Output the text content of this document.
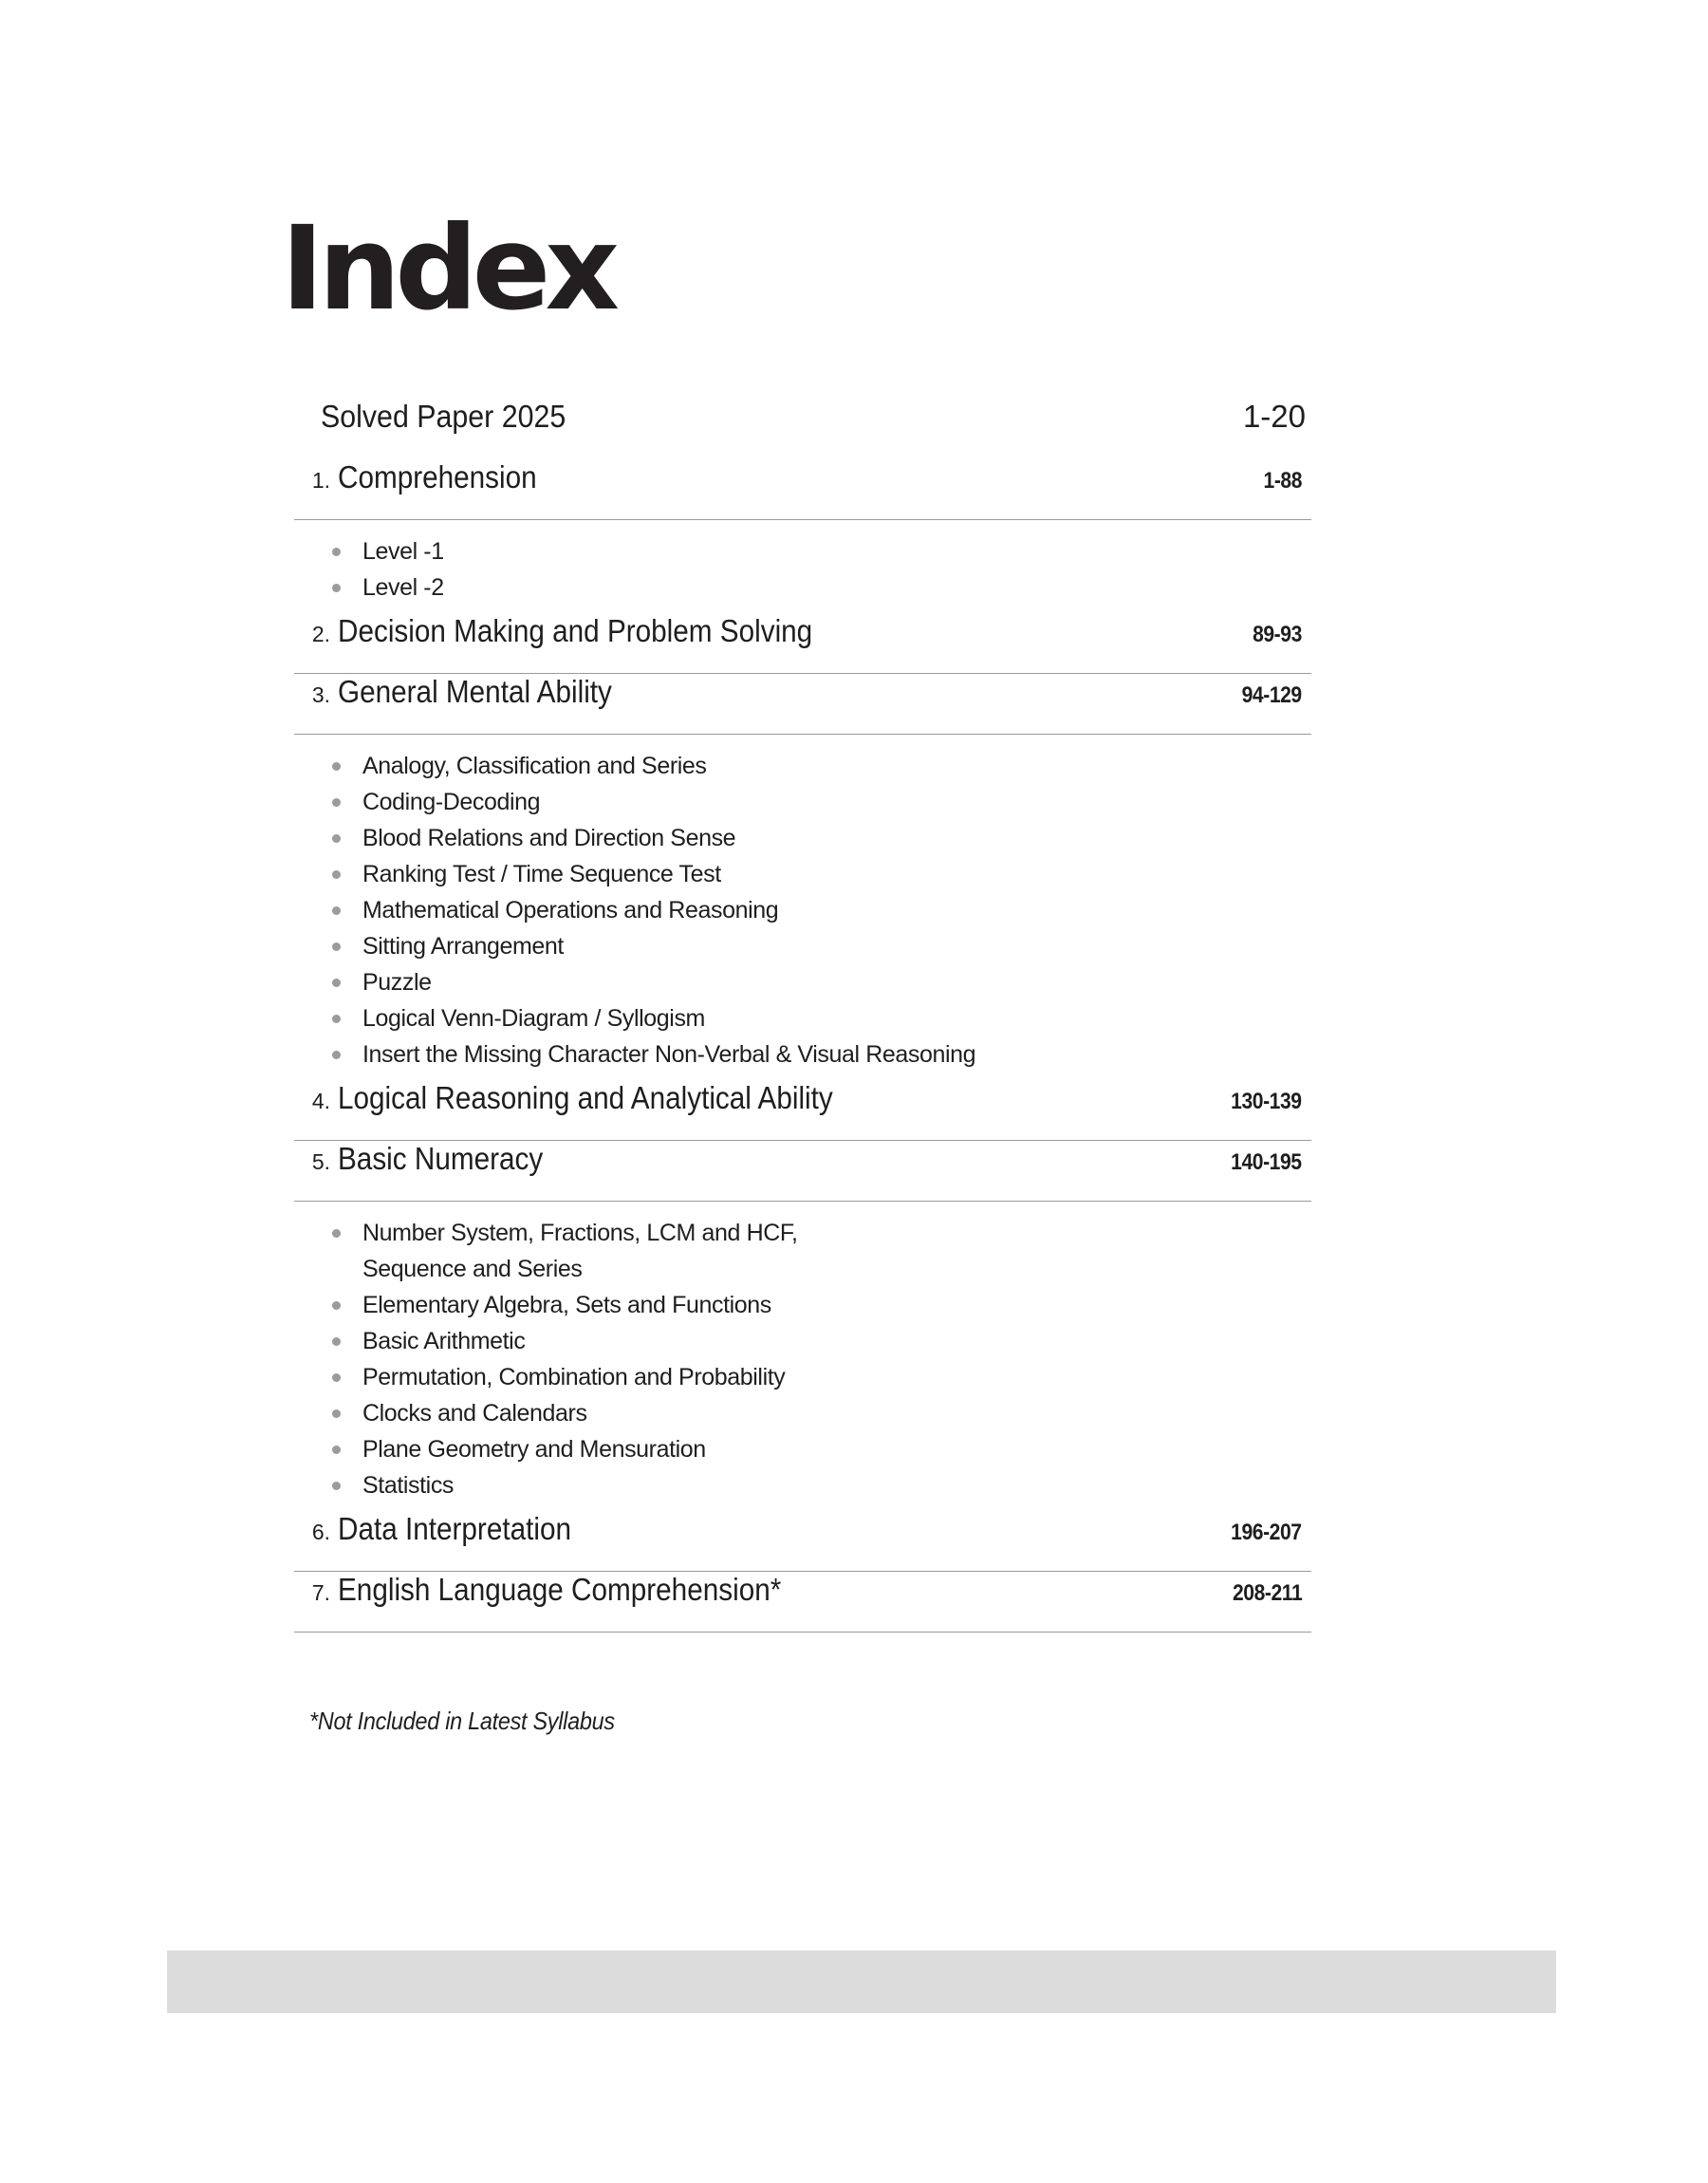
Index
Solved Paper 2025	1-20
1. Comprehension	1-88
Level -1
Level -2
2. Decision Making and Problem Solving	89-93
3. General Mental Ability	94-129
Analogy, Classification and Series
Coding-Decoding
Blood Relations and Direction Sense
Ranking Test / Time Sequence Test
Mathematical Operations and Reasoning
Sitting Arrangement
Puzzle
Logical Venn-Diagram / Syllogism
Insert the Missing Character Non-Verbal & Visual Reasoning
4. Logical Reasoning and Analytical Ability	130-139
5. Basic Numeracy	140-195
Number System, Fractions, LCM and HCF,
Sequence and Series
Elementary Algebra, Sets and Functions
Basic Arithmetic
Permutation, Combination and Probability
Clocks and Calendars
Plane Geometry and Mensuration
Statistics
6. Data Interpretation	196-207
7. English Language Comprehension*	208-211
*Not Included in Latest Syllabus
